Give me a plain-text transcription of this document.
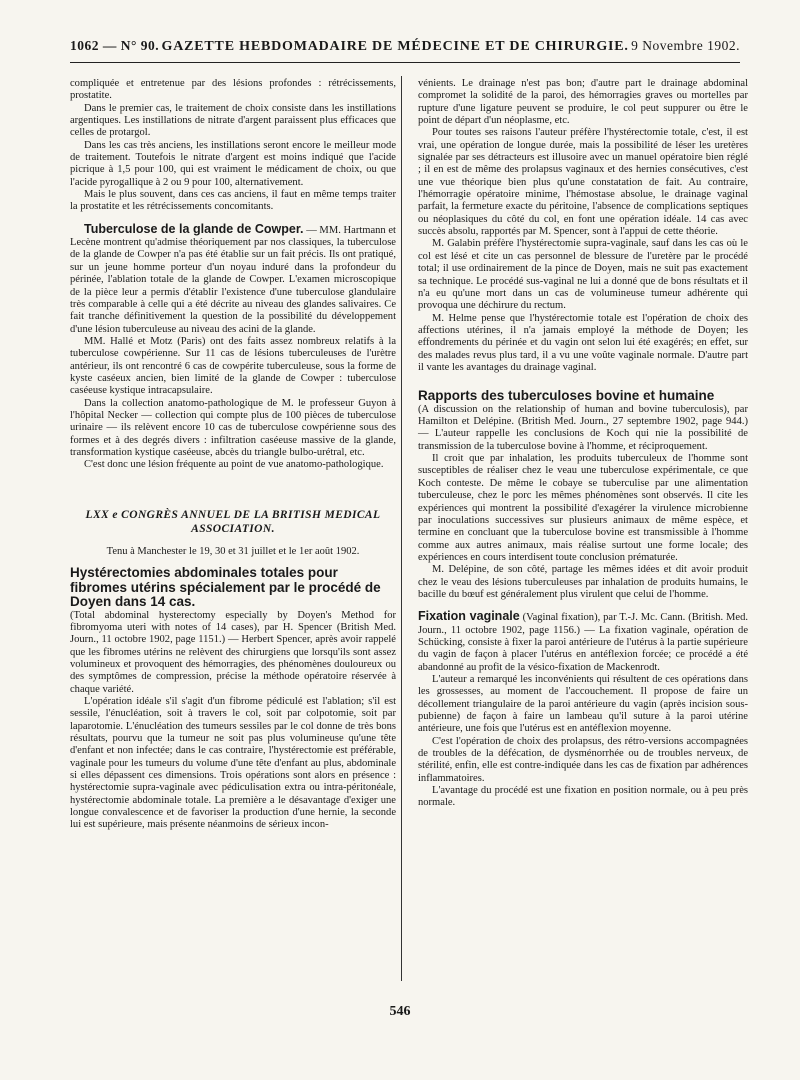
1062 — N° 90. GAZETTE HEBDOMADAIRE DE MÉDECINE ET DE CHIRURGIE. 9 Novembre 1902.

compliquée et entretenue par des lésions profondes : rétrécissements, prostatite.

Dans le premier cas, le traitement de choix consiste dans les instillations argentiques. Les instillations de nitrate d'argent paraissent plus efficaces que celles de protargol.

Dans les cas très anciens, les instillations seront encore le meilleur mode de traitement. Toutefois le nitrate d'argent est moins indiqué que l'acide picrique à 1,5 pour 100, qui est vraiment le médicament de choix, ou que l'acide pyrogallique à 2 ou 9 pour 100, alternativement.

Mais le plus souvent, dans ces cas anciens, il faut en même temps traiter la prostatite et les rétrécissements concomitants.

Tuberculose de la glande de Cowper. — MM. Hartmann et Lecène montrent qu'admise théoriquement par nos classiques, la tuberculose de la glande de Cowper n'a pas été établie sur un fait précis. Ils ont pratiqué, sur un jeune homme porteur d'un noyau induré dans la profondeur du périnée, l'ablation totale de la glande de Cowper. L'examen microscopique de la pièce leur a permis d'établir l'existence d'une tuberculose glandulaire très comparable à celle qui a été décrite au niveau des glandes salivaires. Ce fait tranche définitivement la question de la possibilité du développement d'une lésion tuberculeuse au niveau des acini de la glande.

MM. Hallé et Motz (Paris) ont des faits assez nombreux relatifs à la tuberculose cowpérienne. Sur 11 cas de lésions tuberculeuses de l'urètre antérieur, ils ont rencontré 6 cas de cowpérite tuberculeuse, sous la forme de kyste caséeux ancien, bien limité de la glande de Cowper : tuberculose caséeuse kystique intracapsulaire.

Dans la collection anatomo-pathologique de M. le professeur Guyon à l'hôpital Necker — collection qui compte plus de 100 pièces de tuberculose urinaire — ils relèvent encore 10 cas de tuberculose cowpérienne sous des formes et à des degrés divers : infiltration caséeuse massive de la glande, transformation kystique caséeuse, abcès du triangle bulbo-urétral, etc.

C'est donc une lésion fréquente au point de vue anatomo-pathologique.

LXX e CONGRÈS ANNUEL DE LA BRITISH MEDICAL ASSOCIATION.
Tenu à Manchester le 19, 30 et 31 juillet et le 1er août 1902.
Hystérectomies abdominales totales pour fibromes utérins spécialement par le procédé de Doyen dans 14 cas.

(Total abdominal hysterectomy especially by Doyen's Method for fibromyoma uteri with notes of 14 cases), par H. Spencer (British Med. Journ., 11 octobre 1902, page 1151.) — Herbert Spencer, après avoir rappelé que les fibromes utérins ne relèvent des chirurgiens que lorsqu'ils sont assez volumineux et provoquent des hémorragies, des phénomènes douloureux ou des symptômes de compression, précise la méthode opératoire réservée à chaque variété.

L'opération idéale s'il s'agit d'un fibrome pédiculé est l'ablation; s'il est sessile, l'énucléation, soit à travers le col, soit par colpotomie, soit par laparotomie. L'énucléation des tumeurs sessiles par le col donne de très bons résultats, pourvu que la tumeur ne soit pas plus volumineuse qu'une tête d'enfant et non infectée; dans le cas contraire, l'hystérectomie est préférable, vaginale pour les tumeurs du volume d'une tête d'enfant au plus, abdominale si elles dépassent ces dimensions. Trois opérations sont alors en présence : hystérectomie supra-vaginale avec pédiculisation extra ou intra-péritonéale, hystérectomie abdominale totale. La première a le désavantage d'exiger une longue convalescence et de favoriser la production d'une hernie, la seconde lui est supérieure, mais présente néanmoins de sérieux incon-

vénients. Le drainage n'est pas bon; d'autre part le drainage abdominal compromet la solidité de la paroi, des hémorragies graves ou mortelles par rupture d'une ligature peuvent se produire, le col peut suppurer ou être le point de départ d'un néoplasme, etc.

Pour toutes ses raisons l'auteur préfère l'hystérectomie totale, c'est, il est vrai, une opération de longue durée, mais la possibilité de léser les uretères signalée par ses détracteurs est illusoire avec un manuel opératoire bien réglé ; il en est de même des prolapsus vaginaux et des hernies consécutives, c'est une vue théorique bien plus qu'une constatation de fait. Au contraire, l'hémorragie opératoire minime, l'hémostase absolue, le drainage vaginal parfait, la fermeture exacte du péritoine, l'absence de complications septiques ou néoplasiques du côté du col, en font une opération idéale. 14 cas avec succès absolu, rapportés par M. Spencer, sont à l'appui de cette théorie.

M. Galabin préfère l'hystérectomie supra-vaginale, sauf dans les cas où le col est lésé et cite un cas personnel de blessure de l'uretère par le procédé total; il use ordinairement de la pince de Doyen, mais ne suit pas exactement sa technique. Le procédé sus-vaginal ne lui a donné que de bons résultats et il n'a eu qu'une mort dans un cas de volumineuse tumeur adhérente qui provoqua une déchirure du rectum.

M. Helme pense que l'hystérectomie totale est l'opération de choix des affections utérines, il n'a jamais employé la méthode de Doyen; les effondrements du périnée et du vagin ont selon lui été exagérés; en effet, sur des malades revus plus tard, il a vu une voûte vaginale normale. D'autre part il vante les avantages du drainage vaginal.

Rapports des tuberculoses bovine et humaine

(A discussion on the relationship of human and bovine tuberculosis), par Hamilton et Delépine. (British Med. Journ., 27 septembre 1902, page 944.) — L'auteur rappelle les conclusions de Koch qui nie la possibilité de transmission de la tuberculose bovine à l'homme, et réciproquement.

Il croit que par inhalation, les produits tuberculeux de l'homme sont susceptibles de réaliser chez le veau une tuberculose expérimentale, ce que Koch conteste. De même le cobaye se tuberculise par une alimentation tuberculeuse, chez le porc les mêmes phénomènes sont observés. Il cite les expériences qui montrent la possibilité d'exagérer la virulence microbienne par inoculations successives sur plusieurs animaux de même espèce, et termine en concluant que la tuberculose bovine est transmissible à l'homme comme aux autres animaux, mais réalise surtout une forme locale; des expériences en cours interdisent toute conclusion prématurée.

M. Delépine, de son côté, partage les mêmes idées et dit avoir produit chez le veau des lésions tuberculeuses par inhalation de produits humains, le bacille du bœuf est généralement plus virulent que celui de l'homme.

Fixation vaginale (Vaginal fixation), par T.-J. Mc. Cann. (British. Med. Journ., 11 octobre 1902, page 1156.) — La fixation vaginale, opération de Schücking, consiste à fixer la paroi antérieure de l'utérus à la partie supérieure du vagin de façon à placer l'utérus en antéflexion forcée; ce procédé a été abandonné au profit de la vésico-fixation de Mackenrodt.

L'auteur a remarqué les inconvénients qui résultent de ces opérations dans les grossesses, au moment de l'accouchement. Il propose de faire un décollement triangulaire de la paroi antérieure du vagin (après incision sous-pubienne) de façon à faire un lambeau qu'il suture à la paroi utérine antérieure, une fois que l'utérus est en antéflexion moyenne.

C'est l'opération de choix des prolapsus, des rétro-versions accompagnées de troubles de la défécation, de dysménorrhée ou de troubles nerveux, de stérilité, enfin, elle est contre-indiquée dans les cas de fixation par adhérences inflammatoires.

L'avantage du procédé est une fixation en position normale, ou à peu près normale.

546
